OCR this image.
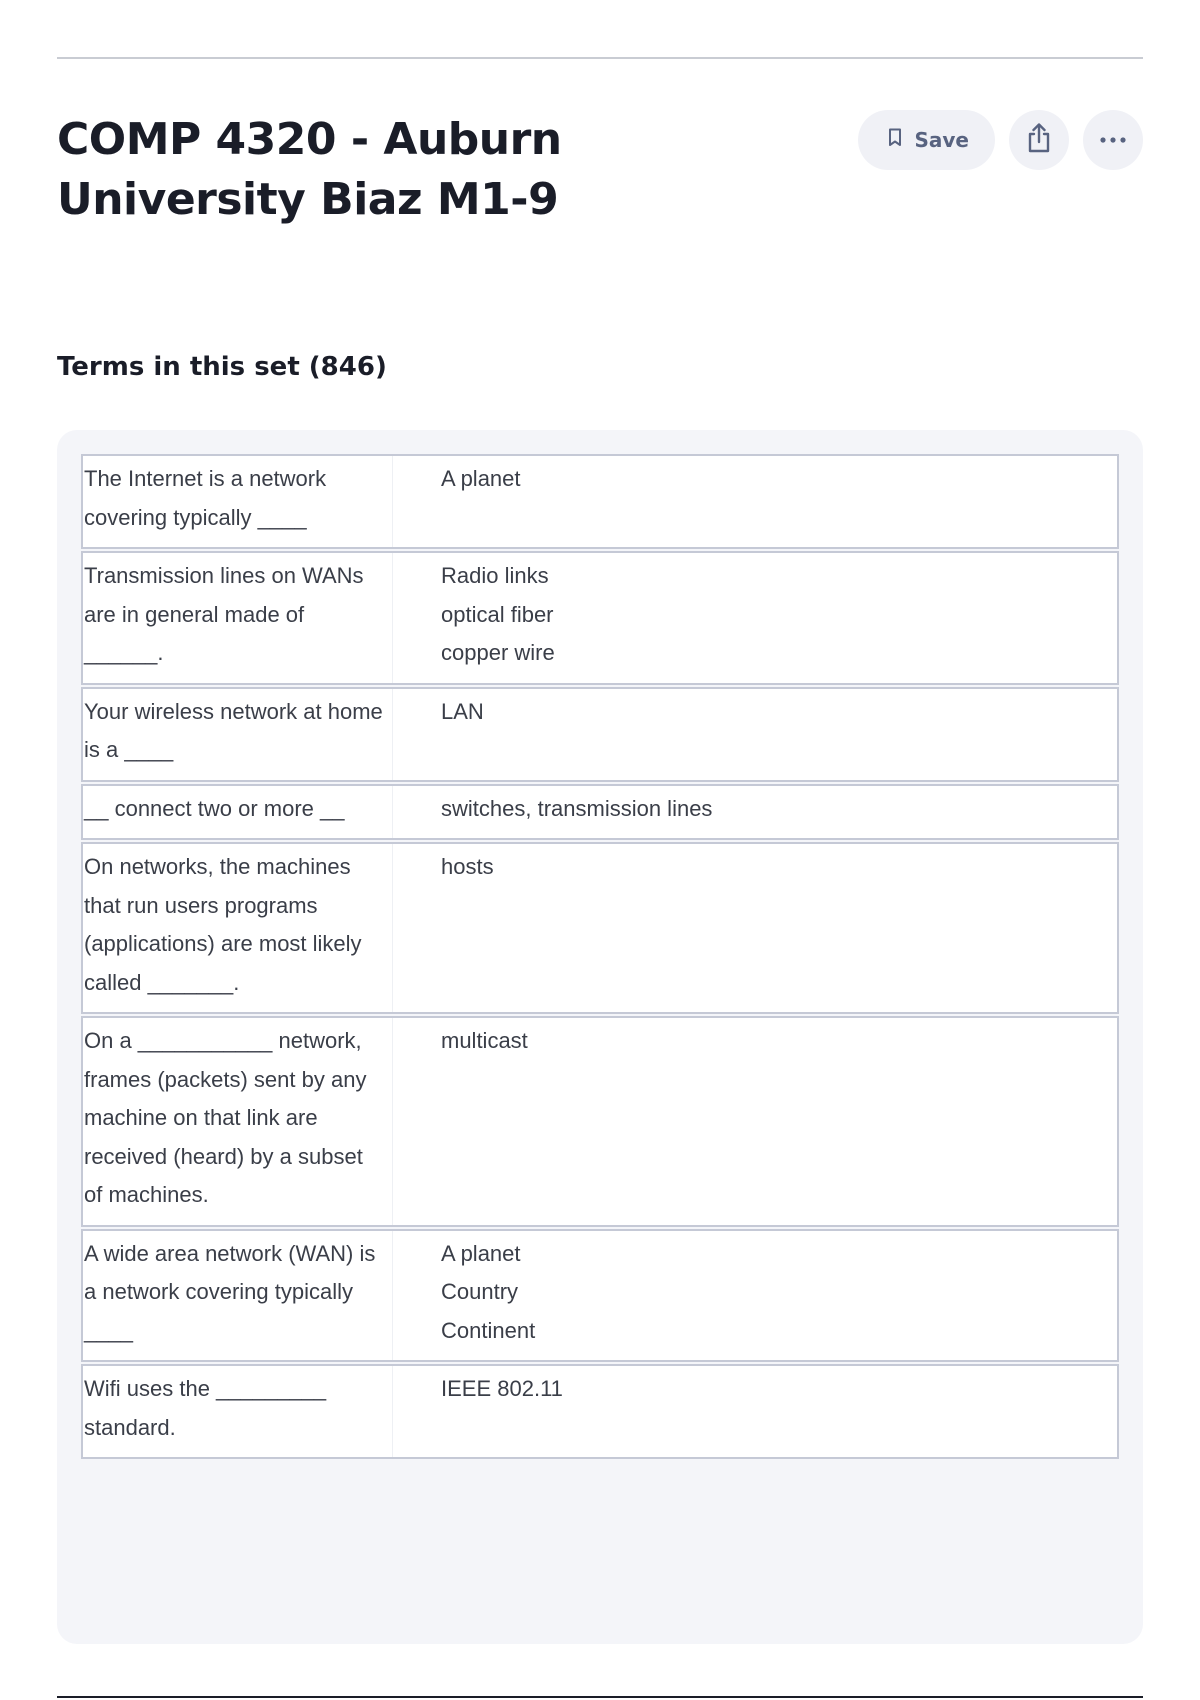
COMP 4320 - Auburn University Biaz M1-9
Save
Terms in this set (846)
The Internet is a network covering typically ____
A planet
Transmission lines on WANs are in general made of ______.
Radio links
optical fiber
copper wire
Your wireless network at home is a ____
LAN
__ connect two or more __	switches, transmission lines
On networks, the machines that run users programs (applications) are most likely called _______.
hosts
On a ___________ network, frames (packets) sent by any machine on that link are received (heard) by a subset of machines.
multicast
A wide area network (WAN) is a network covering typically ____
A planet
Country
Continent
Wifi uses the _________ standard.
IEEE 802.11
